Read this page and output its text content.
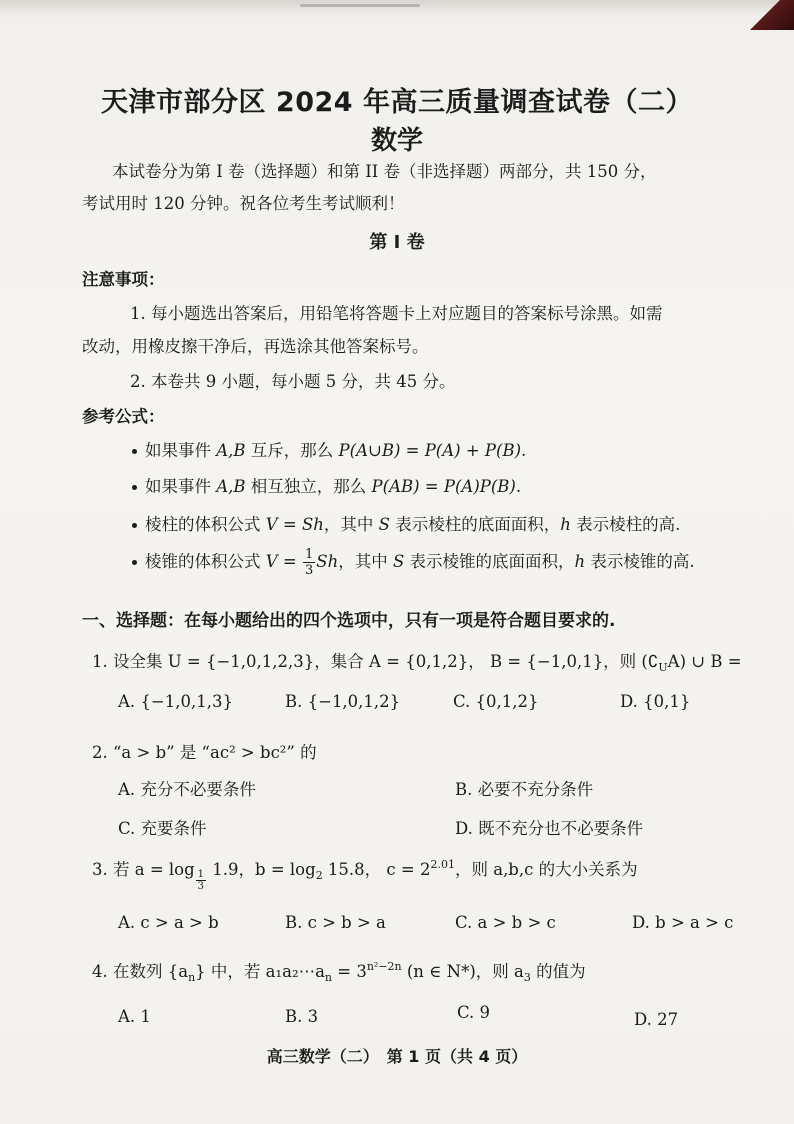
天津市部分区 2024 年高三质量调查试卷（二）
数学
本试卷分为第 I 卷（选择题）和第 II 卷（非选择题）两部分，共 150 分，
考试用时 120 分钟。祝各位考生考试顺利！
第 I 卷
注意事项：
1. 每小题选出答案后，用铅笔将答题卡上对应题目的答案标号涂黑。如需
改动，用橡皮擦干净后，再选涂其他答案标号。
2. 本卷共 9 小题，每小题 5 分，共 45 分。
参考公式：
如果事件 A,B 互斥，那么 P(A∪B) = P(A) + P(B).
如果事件 A,B 相互独立，那么 P(AB) = P(A)P(B).
棱柱的体积公式 V = Sh，其中 S 表示棱柱的底面面积，h 表示棱柱的高.
棱锥的体积公式 $V = \frac{1}{3}$ Sh，其中 S 表示棱锥的底面面积，h 表示棱锥的高.
一、选择题：在每小题给出的四个选项中，只有一项是符合题目要求的.
1. 设全集 U = {−1,0,1,2,3}，集合 A = {0,1,2}， B = {−1,0,1}，则 $(∁_UA)$ ∪ B =
A. {−1,0,1,3}	B. {−1,0,1,2}	C. {0,1,2}	D. {0,1}
2. “a > b” 是 “ac² > bc²” 的
A. 充分不必要条件	B. 必要不充分条件
C. 充要条件	D. 既不充分也不必要条件
3. 若 $a = \log \frac{1}{3} 1.9$，$b = \log_2 15.8$， $c = 2^{2.01}$，则 a,b,c 的大小关系为
A. c > a > b	B. c > b > a	C. a > b > c	D. b > a > c
4. 在数列 $\{a_n\}$ 中，若 $a_1a_2\cdots a_n = 3^{n^2-2n}$ (n ∈ N*)，则 $a_3$ 的值为
A. 1	B. 3	C. 9	D. 27
高三数学（二）　第 1 页（共 4 页）
